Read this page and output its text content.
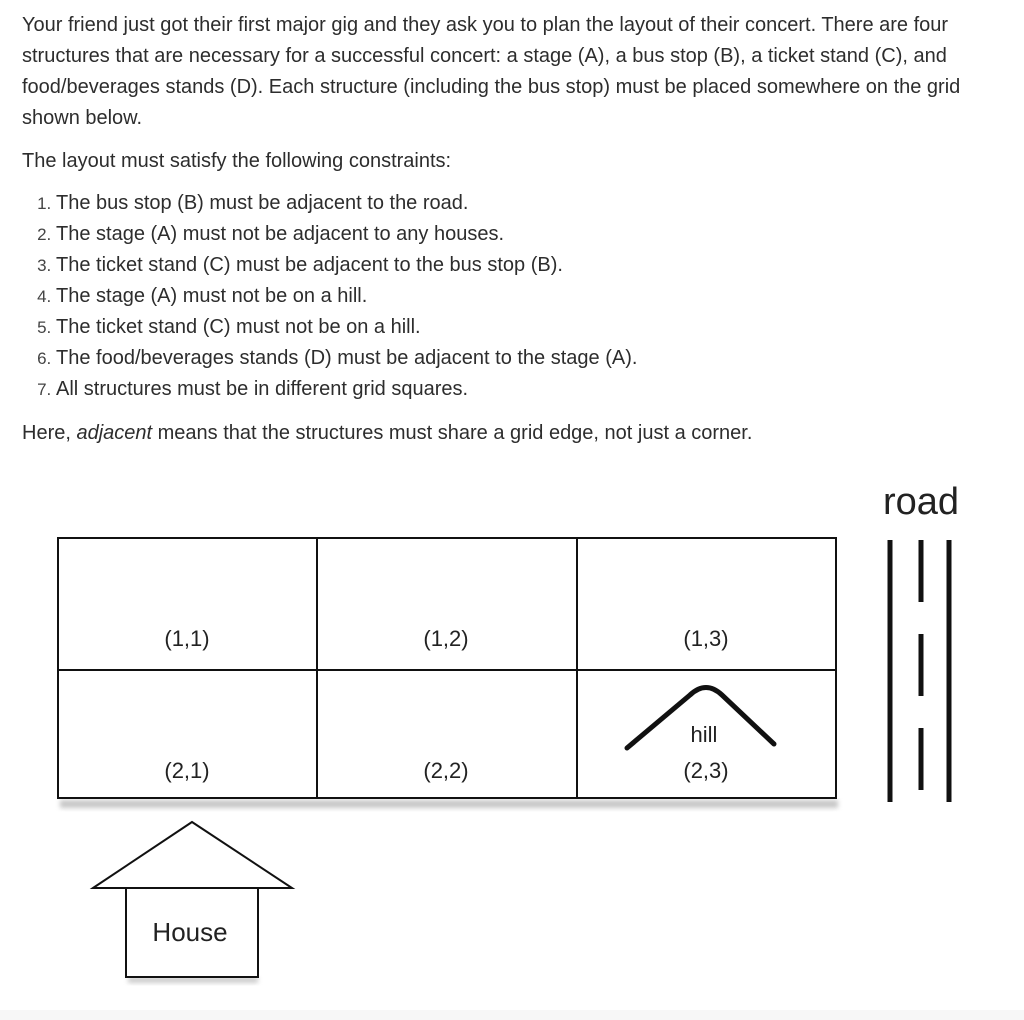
Your friend just got their first major gig and they ask you to plan the layout of their concert. There are four structures that are necessary for a successful concert: a stage (A), a bus stop (B), a ticket stand (C), and food/beverages stands (D). Each structure (including the bus stop) must be placed somewhere on the grid shown below.

The layout must satisfy the following constraints:

1. The bus stop (B) must be adjacent to the road.
2. The stage (A) must not be adjacent to any houses.
3. The ticket stand (C) must be adjacent to the bus stop (B).
4. The stage (A) must not be on a hill.
5. The ticket stand (C) must not be on a hill.
6. The food/beverages stands (D) must be adjacent to the stage (A).
7. All structures must be in different grid squares.

Here, adjacent means that the structures must share a grid edge, not just a corner.

(1,1)	(1,2)	(1,3)
(2,1)	(2,2)	(2,3)
hill
road
House
